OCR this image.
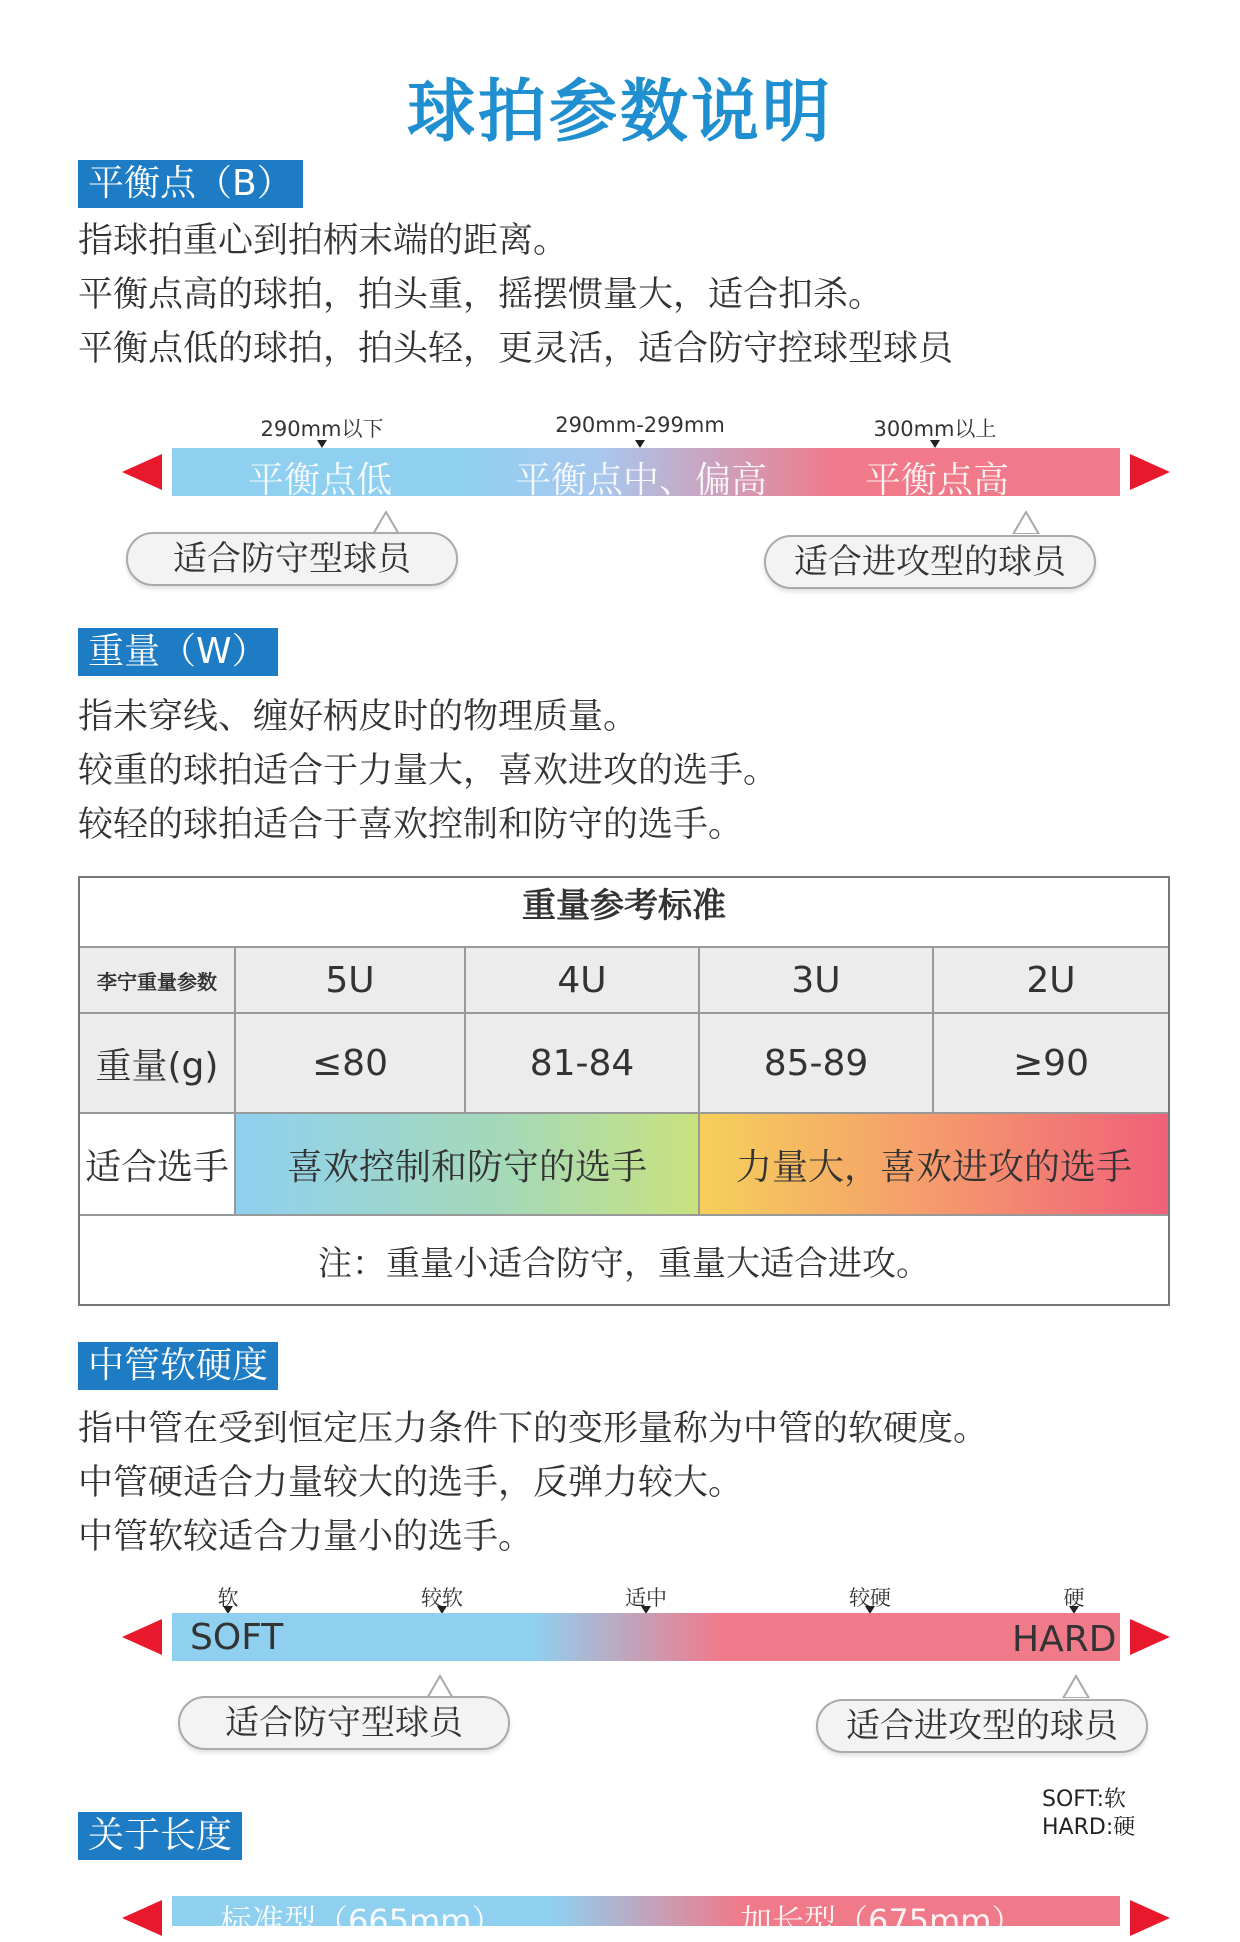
球拍参数说明
平衡点（B）
指球拍重心到拍柄末端的距离。
平衡点高的球拍，拍头重，摇摆惯量大，适合扣杀。
平衡点低的球拍，拍头轻，更灵活，适合防守控球型球员
290mm以下	290mm-299mm	300mm以上
平衡点低	平衡点中、偏高	平衡点高
适合防守型球员	适合进攻型的球员
重量（W）
指未穿线、缠好柄皮时的物理质量。
较重的球拍适合于力量大，喜欢进攻的选手。
较轻的球拍适合于喜欢控制和防守的选手。
重量参考标准
李宁重量参数	5U	4U	3U	2U
重量(g)	≤80	81-84	85-89	≥90
适合选手	喜欢控制和防守的选手	力量大，喜欢进攻的选手
注：重量小适合防守，重量大适合进攻。
中管软硬度
指中管在受到恒定压力条件下的变形量称为中管的软硬度。
中管硬适合力量较大的选手，反弹力较大。
中管软较适合力量小的选手。
软	较软	适中	较硬	硬
SOFT	HARD
适合防守型球员	适合进攻型的球员
SOFT:软
HARD:硬
关于长度
标准型（665mm）	加长型（675mm）
